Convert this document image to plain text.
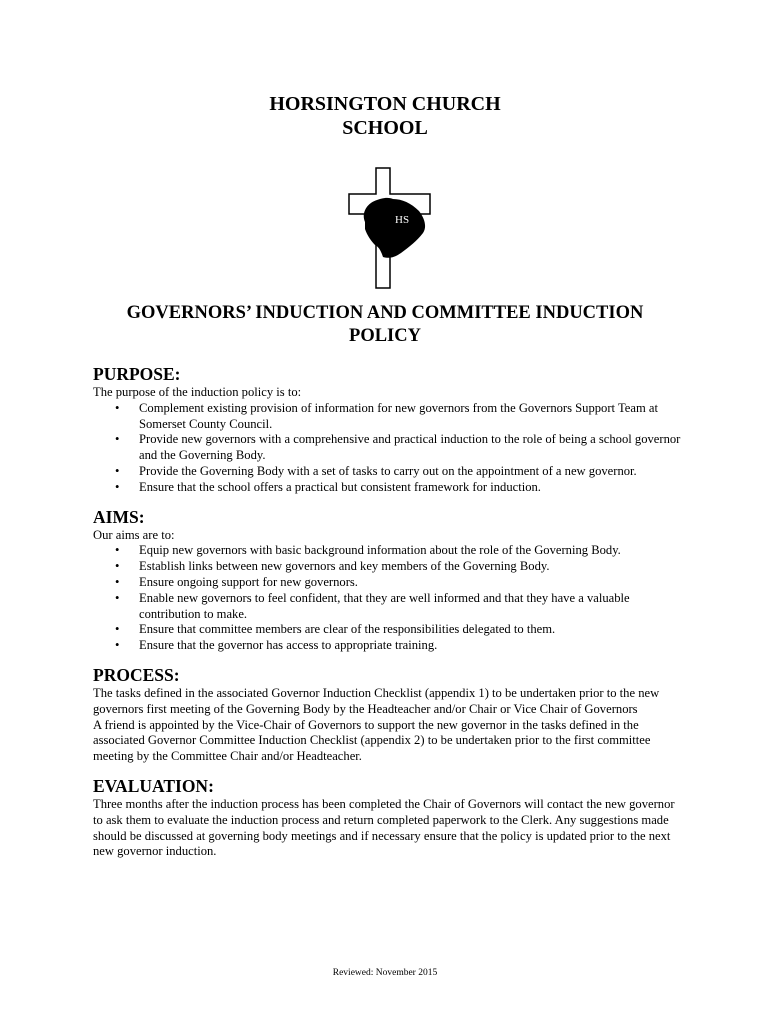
HORSINGTON CHURCH
SCHOOL
HS
GOVERNORS’ INDUCTION AND COMMITTEE INDUCTION
POLICY
PURPOSE:

The purpose of the induction policy is to:

• Complement existing provision of information for new governors from the Governors Support Team at Somerset County Council.
• Provide new governors with a comprehensive and practical induction to the role of being a school governor and the Governing Body.
• Provide the Governing Body with a set of tasks to carry out on the appointment of a new governor.
• Ensure that the school offers a practical but consistent framework for induction.
AIMS:

Our aims are to:

• Equip new governors with basic background information about the role of the Governing Body.
• Establish links between new governors and key members of the Governing Body.
• Ensure ongoing support for new governors.
• Enable new governors to feel confident, that they are well informed and that they have a valuable contribution to make.
• Ensure that committee members are clear of the responsibilities delegated to them.
• Ensure that the governor has access to appropriate training.
PROCESS:

The tasks defined in the associated Governor Induction Checklist (appendix 1) to be undertaken prior to the new governors first meeting of the Governing Body by the Headteacher and/or Chair or Vice Chair of Governors

A friend is appointed by the Vice-Chair of Governors to support the new governor in the tasks defined in the associated Governor Committee Induction Checklist (appendix 2) to be undertaken prior to the first committee meeting by the Committee Chair and/or Headteacher.

EVALUATION:

Three months after the induction process has been completed the Chair of Governors will contact the new governor to ask them to evaluate the induction process and return completed paperwork to the Clerk. Any suggestions made should be discussed at governing body meetings and if necessary ensure that the policy is updated prior to the next new governor induction.

Reviewed: November 2015
